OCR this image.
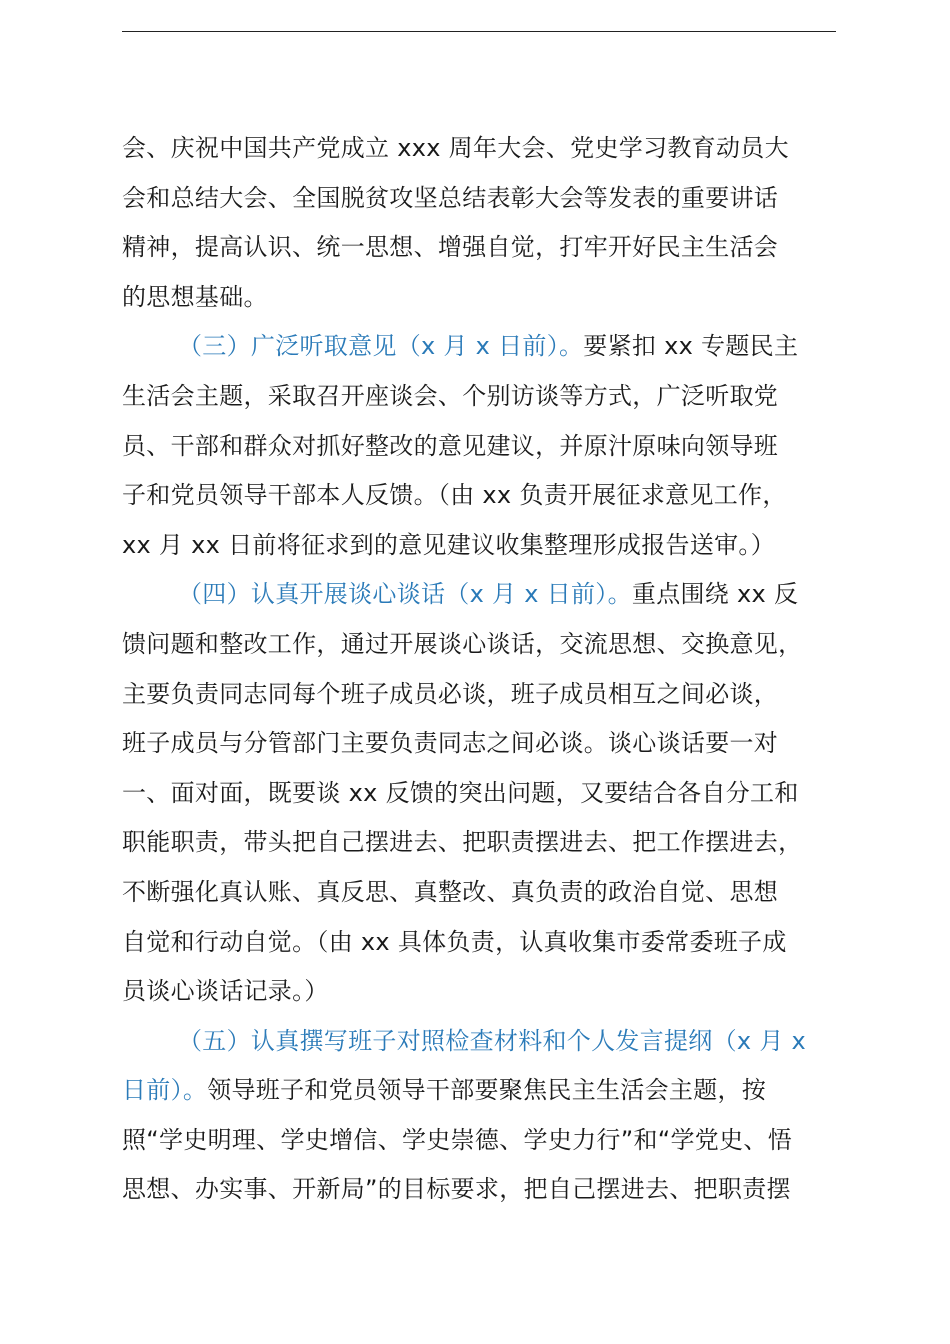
会、庆祝中国共产党成立 xxx 周年大会、党史学习教育动员大
会和总结大会、全国脱贫攻坚总结表彰大会等发表的重要讲话
精神，提高认识、统一思想、增强自觉，打牢开好民主生活会
的思想基础。

（三）广泛听取意见（x 月 x 日前）。要紧扣 xx 专题民主
生活会主题，采取召开座谈会、个别访谈等方式，广泛听取党
员、干部和群众对抓好整改的意见建议，并原汁原味向领导班
子和党员领导干部本人反馈。（由 xx 负责开展征求意见工作，
xx 月 xx 日前将征求到的意见建议收集整理形成报告送审。）

（四）认真开展谈心谈话（x 月 x 日前）。重点围绕 xx 反
馈问题和整改工作，通过开展谈心谈话，交流思想、交换意见，
主要负责同志同每个班子成员必谈，班子成员相互之间必谈，
班子成员与分管部门主要负责同志之间必谈。谈心谈话要一对
一、面对面，既要谈 xx 反馈的突出问题，又要结合各自分工和
职能职责，带头把自己摆进去、把职责摆进去、把工作摆进去，
不断强化真认账、真反思、真整改、真负责的政治自觉、思想
自觉和行动自觉。（由 xx 具体负责，认真收集市委常委班子成
员谈心谈话记录。）

（五）认真撰写班子对照检查材料和个人发言提纲（x 月 x
日前）。领导班子和党员领导干部要聚焦民主生活会主题，按
照“学史明理、学史增信、学史崇德、学史力行”和“学党史、悟
思想、办实事、开新局”的目标要求，把自己摆进去、把职责摆
